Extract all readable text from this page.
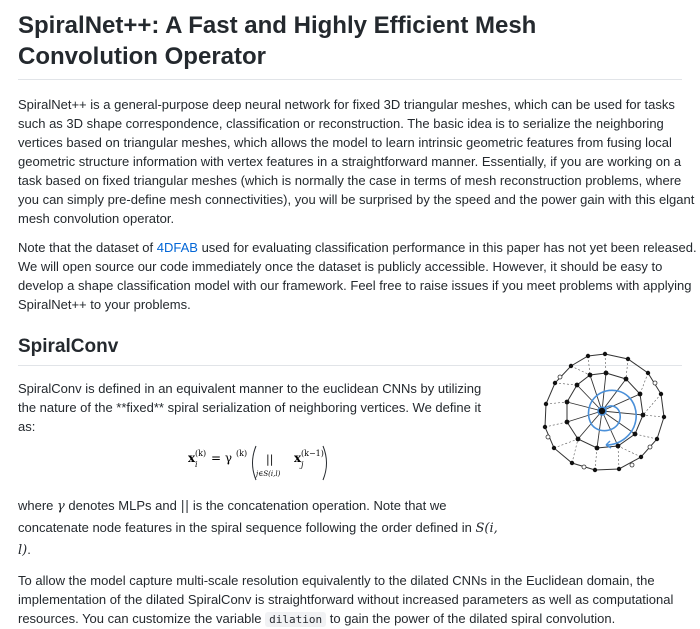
SpiralNet++: A Fast and Highly Efficient Mesh Convolution Operator

SpiralNet++ is a general-purpose deep neural network for fixed 3D triangular meshes, which can be used for tasks such as 3D shape correspondence, classification or reconstruction. The basic idea is to serialize the neighboring vertices based on triangular meshes, which allows the model to learn intrinsic geometric features from fusing local geometric structure information with vertex features in a straightforward manner. Essentially, if you are working on a task based on fixed triangular meshes (which is normally the case in terms of mesh reconstruction problems, where you can simply pre-define mesh connectivities), you will be surprised by the speed and the power gain with this elgant mesh convolution operator.

Note that the dataset of 4DFAB used for evaluating classification performance in this paper has not yet been released. We will open source our code immediately once the dataset is publicly accessible. However, it should be easy to develop a shape classification model with our framework. Feel free to raise issues if you meet problems with applying SpiralNet++ to your problems.

SpiralConv

SpiralConv is defined in an equivalent manner to the euclidean CNNs by utilizing the nature of the **fixed** spiral serialization of neighboring vertices. We define it as:

x i
(k) = γ (k) ||
j∈S(i,l)
x j
(k−1)

where γ denotes MLPs and || is the concatenation operation. Note that we concatenate node features in the spiral sequence following the order defined in S(i, l).

To allow the model capture multi-scale resolution equivalently to the dilated CNNs in the Euclidean domain, the implementation of the dilated SpiralConv is straightforward without increased parameters as well as computational resources. You can customize the variable dilation to gain the power of the dilated spiral convolution.
